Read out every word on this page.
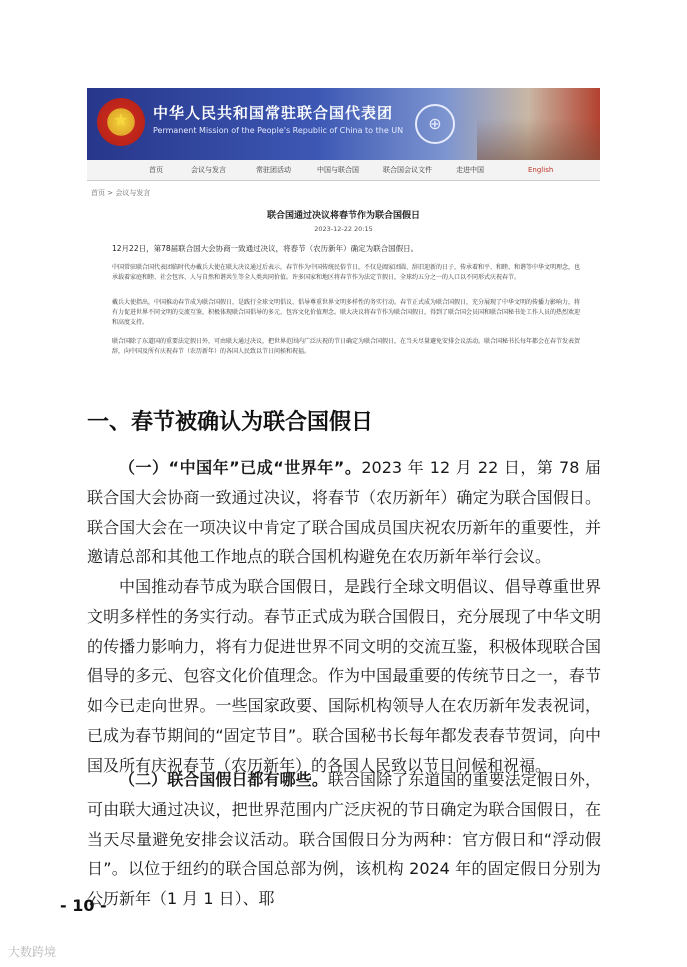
★	中华人民共和国常驻联合国代表团
Permanent Mission of the People's Republic of China to the UN	⊕
首页	会议与发言	常驻团活动	中国与联合国	联合国会议文件	走进中国	English
首页 > 会议与发言
联合国通过决议将春节作为联合国假日
2023-12-22 20:15
12月22日，第78届联合国大会协商一致通过决议，将春节（农历新年）确定为联合国假日。
中国常驻联合国代表团临时代办戴兵大使在联大决议通过后表示，春节作为中国传统民俗节日，不仅是阖家团圆、辞旧迎新的日子，传承着和平、和睦、和谐等中华文明理念，也承载着家庭和睦、社会包容、人与自然和谐共生等全人类共同价值。许多国家和地区将春节作为法定节假日，全球约五分之一的人口以不同形式庆祝春节。
戴兵大使指出，中国推动春节成为联合国假日，是践行全球文明倡议、倡导尊重世界文明多样性的务实行动。春节正式成为联合国假日，充分展现了中华文明的传播力影响力，将有力促进世界不同文明的交流互鉴，积极体现联合国倡导的多元、包容文化价值理念。联大决议将春节作为联合国假日，得到了联合国会员国和联合国秘书处工作人员的热烈欢迎和高度支持。
联合国除了东道国的重要法定假日外，可由联大通过决议，把世界范围内广泛庆祝的节日确定为联合国假日，在当天尽量避免安排会议活动。联合国秘书长每年都会在春节发表贺辞，向中国及所有庆祝春节（农历新年）的各国人民致以节日问候和祝福。
一、春节被确认为联合国假日
（一）“中国年”已成“世界年”。2023 年 12 月 22 日，第 78 届联合国大会协商一致通过决议，将春节（农历新年）确定为联合国假日。联合国大会在一项决议中肯定了联合国成员国庆祝农历新年的重要性，并邀请总部和其他工作地点的联合国机构避免在农历新年举行会议。
中国推动春节成为联合国假日，是践行全球文明倡议、倡导尊重世界文明多样性的务实行动。春节正式成为联合国假日，充分展现了中华文明的传播力影响力，将有力促进世界不同文明的交流互鉴，积极体现联合国倡导的多元、包容文化价值理念。作为中国最重要的传统节日之一，春节如今已走向世界。一些国家政要、国际机构领导人在农历新年发表祝词，已成为春节期间的“固定节目”。联合国秘书长每年都发表春节贺词，向中国及所有庆祝春节（农历新年）的各国人民致以节日问候和祝福。
（二）联合国假日都有哪些。联合国除了东道国的重要法定假日外，可由联大通过决议，把世界范围内广泛庆祝的节日确定为联合国假日，在当天尽量避免安排会议活动。联合国假日分为两种：官方假日和“浮动假日”。以位于纽约的联合国总部为例，该机构 2024 年的固定假日分别为公历新年（1 月 1 日）、耶
- 10 -
大数跨境
